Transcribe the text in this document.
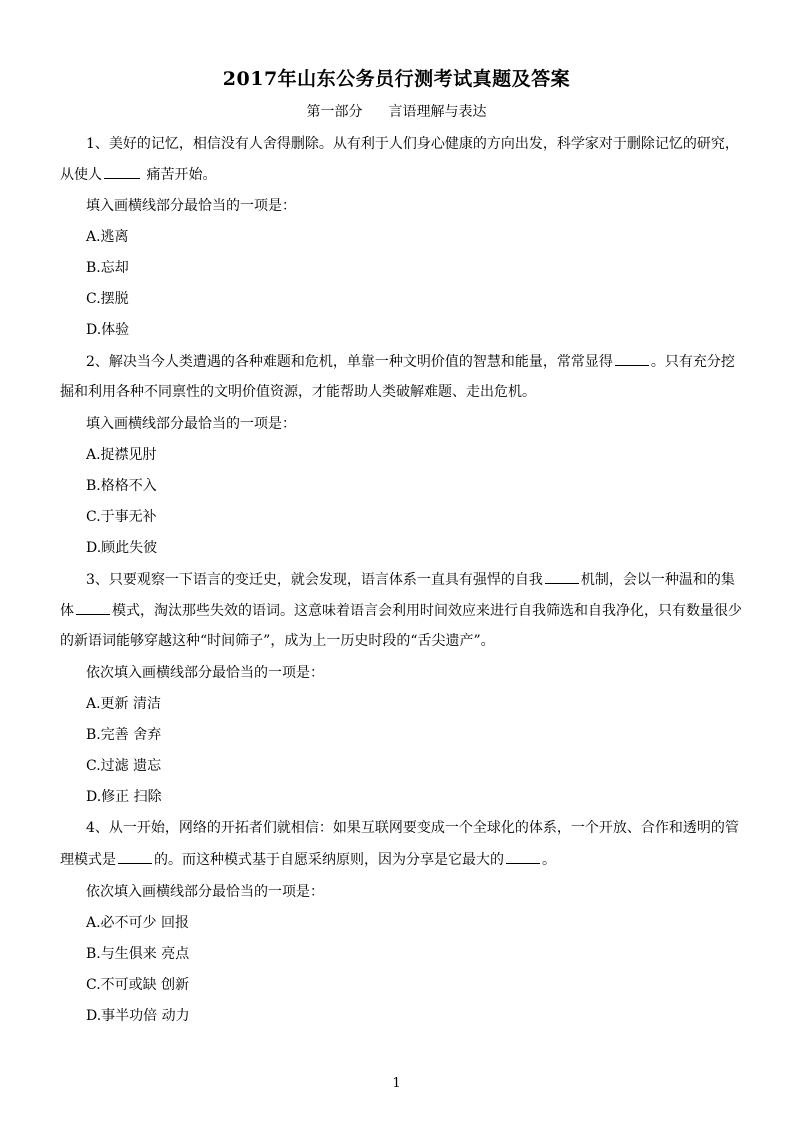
2017年山东公务员行测考试真题及答案
第一部分 言语理解与表达
1、美好的记忆，相信没有人舍得删除。从有利于人们身心健康的方向出发，科学家对于删除记忆的研究，
从使人	痛苦开始。
填入画横线部分最恰当的一项是：
A.逃离
B.忘却
C.摆脱
D.体验
2、解决当今人类遭遇的各种难题和危机，单靠一种文明价值的智慧和能量，常常显得	。只有充分挖
掘和利用各种不同禀性的文明价值资源，才能帮助人类破解难题、走出危机。
填入画横线部分最恰当的一项是：
A.捉襟见肘
B.格格不入
C.于事无补
D.顾此失彼
3、只要观察一下语言的变迁史，就会发现，语言体系一直具有强悍的自我	机制，会以一种温和的集
体	模式，淘汰那些失效的语词。这意味着语言会利用时间效应来进行自我筛选和自我净化，只有数量很少
的新语词能够穿越这种“时间筛子”，成为上一历史时段的“舌尖遗产”。
依次填入画横线部分最恰当的一项是：
A.更新 清洁
B.完善 舍弃
C.过滤 遗忘
D.修正 扫除
4、从一开始，网络的开拓者们就相信：如果互联网要变成一个全球化的体系，一个开放、合作和透明的管
理模式是	的。而这种模式基于自愿采纳原则，因为分享是它最大的	。
依次填入画横线部分最恰当的一项是：
A.必不可少 回报
B.与生俱来 亮点
C.不可或缺 创新
D.事半功倍 动力
1
